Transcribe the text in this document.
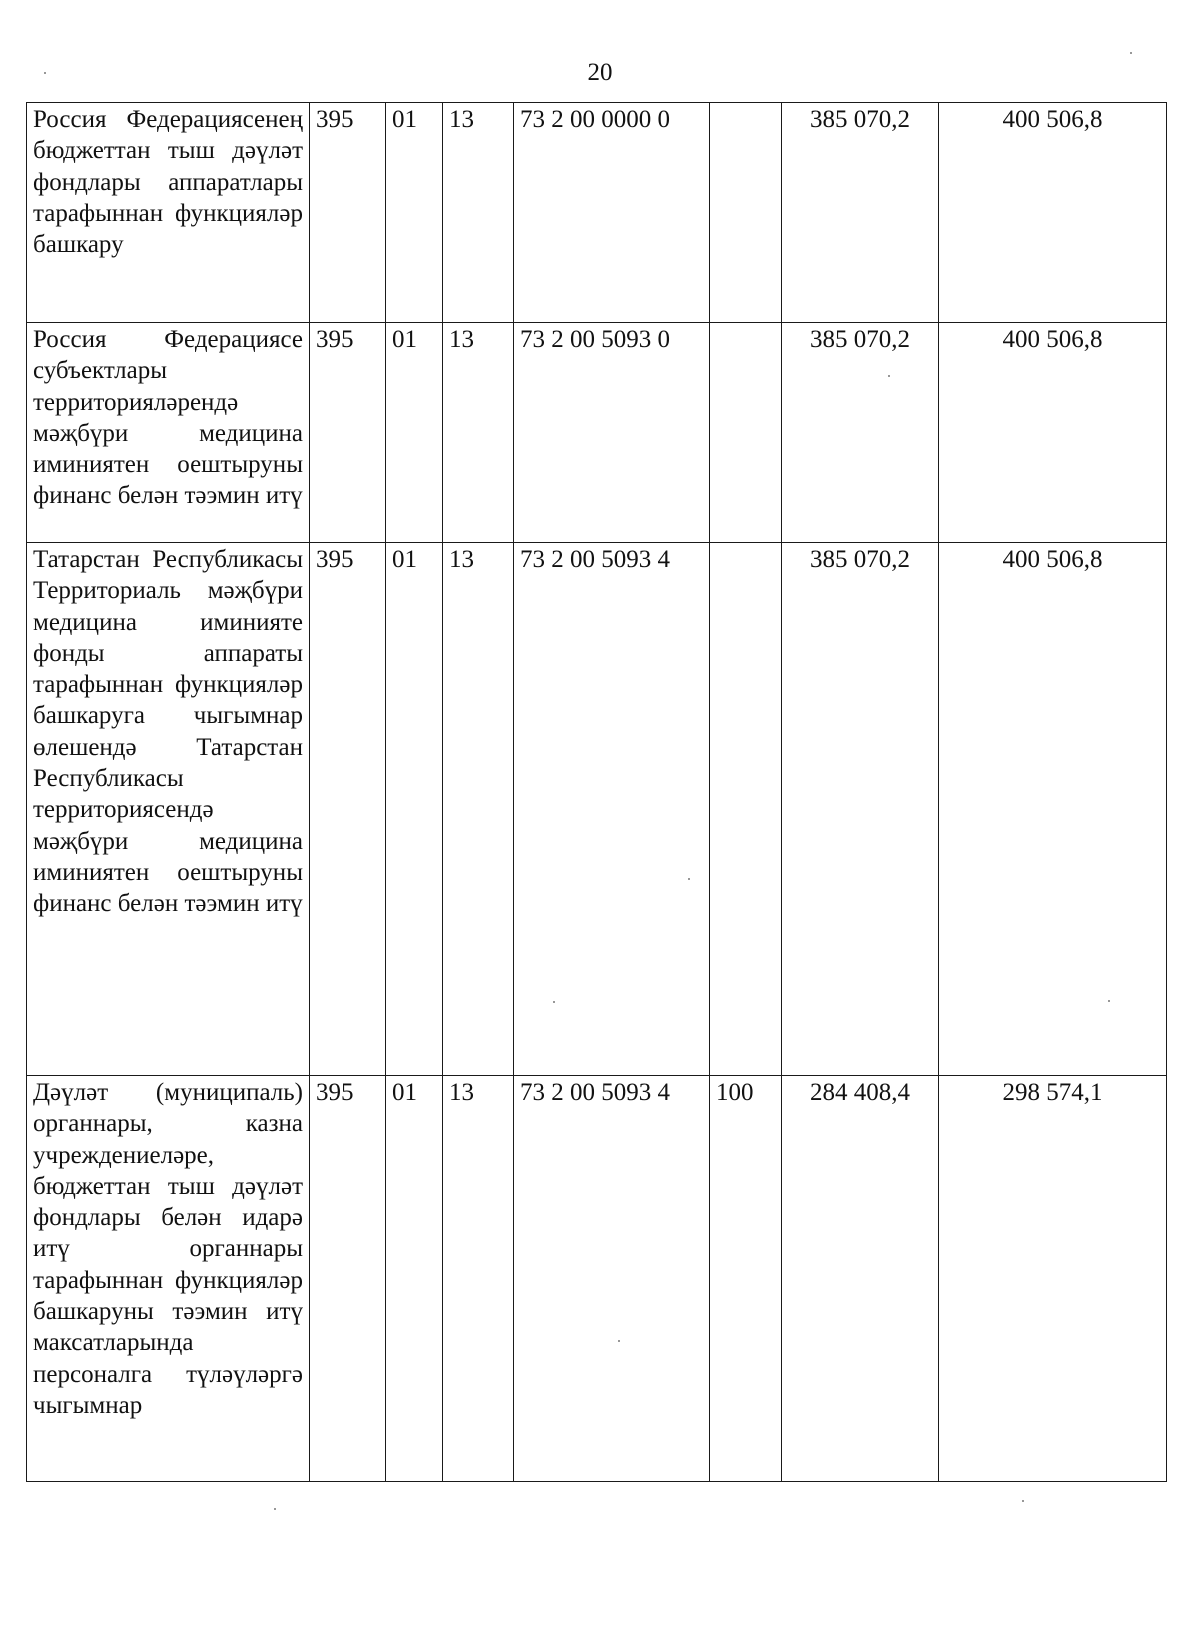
20
Россия Федерациясенең бюджеттан тыш дәүләт фондлары аппаратлары тарафыннан функцияләр башкару	395	01	13	73 2 00 0000 0		385 070,2	400 506,8
Россия Федерациясе субъектлары территорияләрендә мәҗбүри медицина иминиятен оештыруны финанс белән тәэмин итү	395	01	13	73 2 00 5093 0		385 070,2	400 506,8
Татарстан Республикасы Территориаль мәҗбүри медицина иминияте фонды аппараты тарафыннан функцияләр башкаруга чыгымнар өлешендә Татарстан Республикасы территориясендә мәҗбүри медицина иминиятен оештыруны финанс белән тәэмин итү	395	01	13	73 2 00 5093 4		385 070,2	400 506,8
Дәүләт (муниципаль) органнары, казна учреждениеләре, бюджеттан тыш дәүләт фондлары белән идарә итү органнары тарафыннан функцияләр башкаруны тәэмин итү максатларында персоналга түләүләргә чыгымнар	395	01	13	73 2 00 5093 4	100	284 408,4	298 574,1
